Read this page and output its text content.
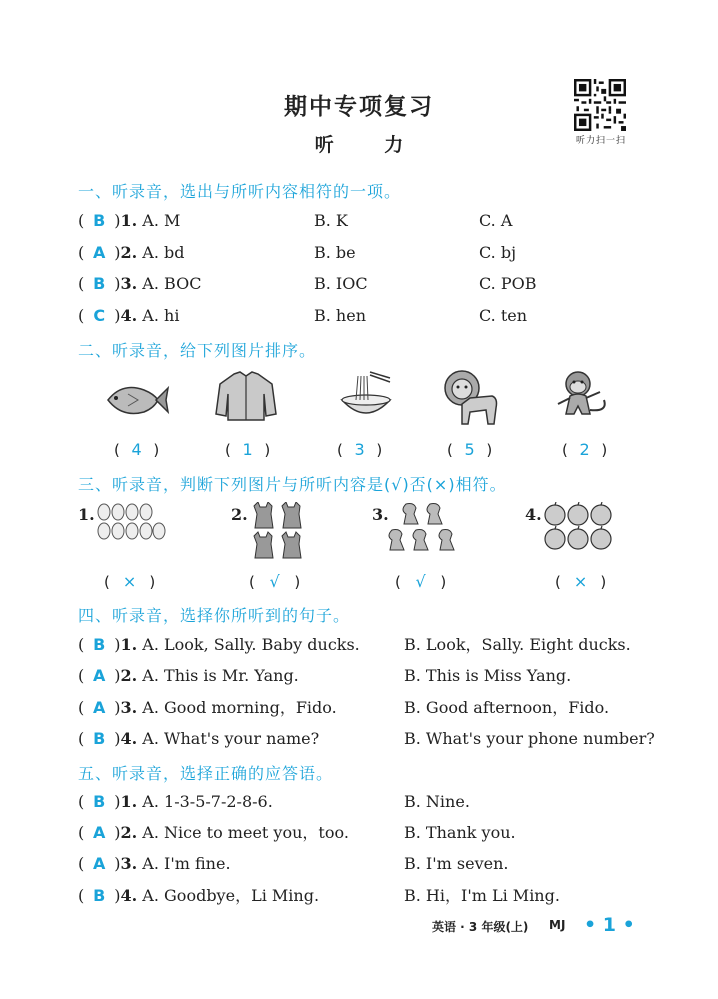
期中专项复习
听 力	听力扫一扫
一、听录音，选出与所听内容相符的一项。
( B )1. A. M	B. K	C. A
( A )2. A. bd	B. be	C. bj
( B )3. A. BOC	B. IOC	C. POB
( C )4. A. hi	B. hen	C. ten
二、听录音，给下列图片排序。
( 4 )	( 1 )	( 3 )	( 5 )	( 2 )
三、听录音，判断下列图片与所听内容是(√)否(×)相符。
1.	2.	3.	4.
( × )	( √ )	( √ )	( × )
四、听录音，选择你所听到的句子。
( B )1. A. Look, Sally. Baby ducks.	B. Look，Sally. Eight ducks.
( A )2. A. This is Mr. Yang.	B. This is Miss Yang.
( A )3. A. Good morning，Fido.	B. Good afternoon，Fido.
( B )4. A. What's your name?	B. What's your phone number?
五、听录音，选择正确的应答语。
( B )1. A. 1-3-5-7-2-8-6.	B. Nine.
( A )2. A. Nice to meet you，too.	B. Thank you.
( A )3. A. I'm fine.	B. I'm seven.
( B )4. A. Goodbye，Li Ming.	B. Hi，I'm Li Ming.
英语 · 3 年级(上) MJ • 1 •
